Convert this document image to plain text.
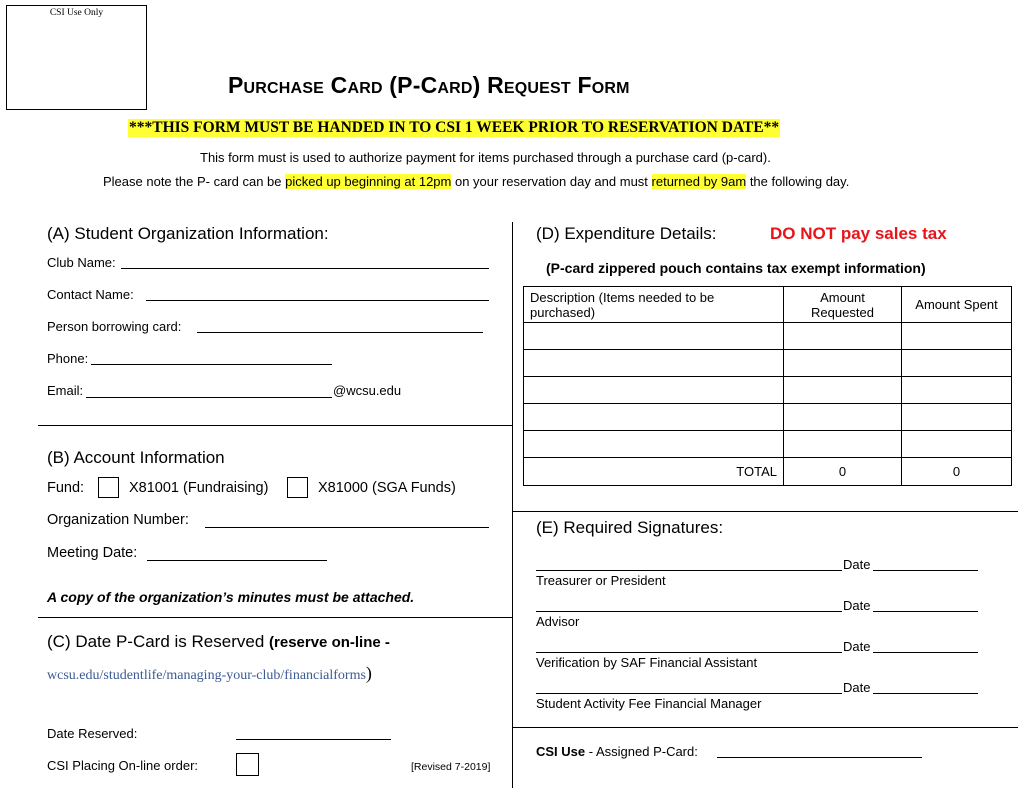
CSI Use Only
Purchase Card (P-Card) Request Form
***THIS FORM MUST BE HANDED IN TO CSI 1 WEEK PRIOR TO RESERVATION DATE**
This form must is used to authorize payment for items purchased through a purchase card (p-card).
Please note the P- card can be picked up beginning at 12pm on your reservation day and must returned by 9am the following day.
(A) Student Organization Information:
Club Name:
Contact Name:
Person borrowing card:
Phone:
Email:	@wcsu.edu
(B) Account Information
Fund:	X81001 (Fundraising)	X81000 (SGA Funds)
Organization Number:
Meeting Date:
A copy of the organization’s minutes must be attached.
(C) Date P-Card is Reserved (reserve on-line -
wcsu.edu/studentlife/managing-your-club/financialforms)
Date Reserved:
CSI Placing On-line order:	[Revised 7-2019]
(D) Expenditure Details:	DO NOT pay sales tax
(P-card zippered pouch contains tax exempt information)
Description (Items needed to be purchased)	Amount Requested	Amount Spent

TOTAL	0	0
(E) Required Signatures:
Date
Treasurer or President
Date
Advisor
Date
Verification by SAF Financial Assistant
Date
Student Activity Fee Financial Manager
CSI Use - Assigned P-Card:
